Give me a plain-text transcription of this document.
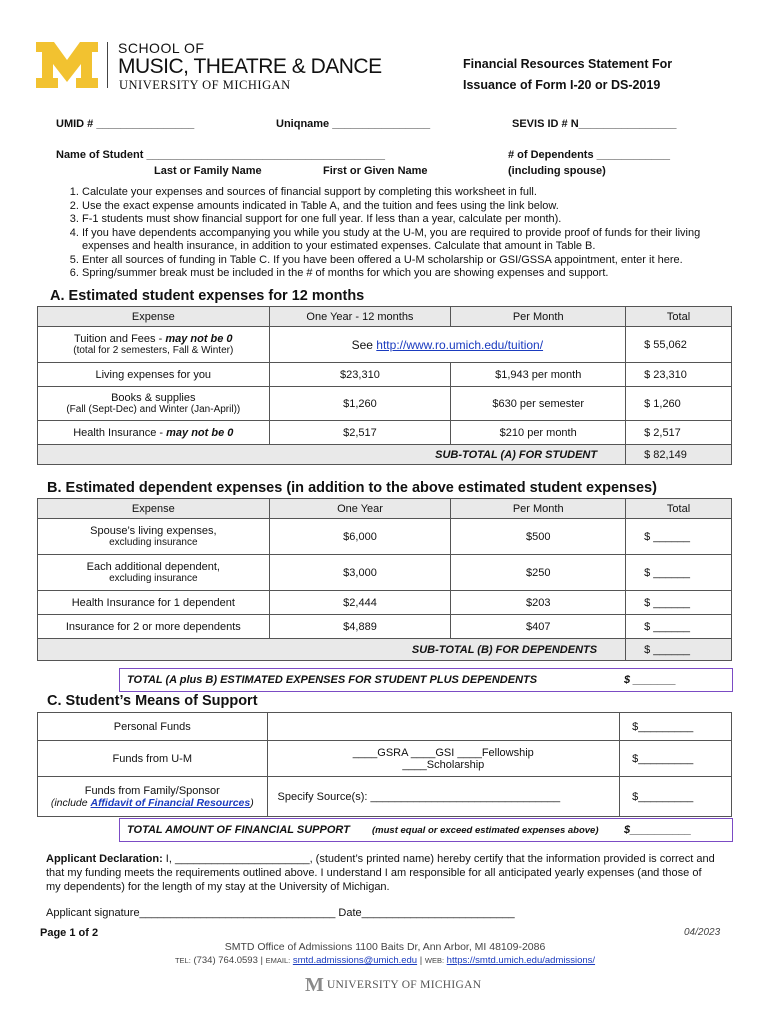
SCHOOL OF
MUSIC, THEATRE & DANCE
UNIVERSITY OF MICHIGAN
Financial Resources Statement For
Issuance of Form I-20 or DS-2019
UMID # ________________	Uniqname ________________	SEVIS ID # N________________
Name of Student _______________________________________
Last or Family Name	First or Given Name
# of Dependents ____________
(including spouse)
1. Calculate your expenses and sources of financial support by completing this worksheet in full.
2. Use the exact expense amounts indicated in Table A, and the tuition and fees using the link below.
3. F-1 students must show financial support for one full year. If less than a year, calculate per month).
4. If you have dependents accompanying you while you study at the U-M, you are required to provide proof of funds for their living expenses and health insurance, in addition to your estimated expenses. Calculate that amount in Table B.
5. Enter all sources of funding in Table C. If you have been offered a U-M scholarship or GSI/GSSA appointment, enter it here.
6. Spring/summer break must be included in the # of months for which you are showing expenses and support.
A. Estimated student expenses for 12 months
Expense	One Year - 12 months	Per Month	Total

Tuition and Fees - may not be 0
(total for 2 semesters, Fall & Winter)	See http://www.ro.umich.edu/tuition/		$ 55,062
Living expenses for you	$23,310	$1,943 per month	$ 23,310

Books & supplies
(Fall (Sept-Dec) and Winter (Jan-April))	$1,260	$630 per semester	$ 1,260
Health Insurance - may not be 0	$2,517	$210 per month	$ 2,517
SUB-TOTAL (A) FOR STUDENT			$ 82,149
B. Estimated dependent expenses (in addition to the above estimated student expenses)
Expense	One Year	Per Month	Total

Spouse’s living expenses,
excluding insurance	$6,000	$500	$ ______

Each additional dependent,
excluding insurance	$3,000	$250	$ ______
Health Insurance for 1 dependent	$2,444	$203	$ ______
Insurance for 2 or more dependents	$4,889	$407	$ ______
SUB-TOTAL (B) FOR DEPENDENTS			$ ______
TOTAL (A plus B) ESTIMATED EXPENSES FOR STUDENT PLUS DEPENDENTS	$ _______
C. Student’s Means of Support
Personal Funds		$_________
Funds from U-M	____GSRA ____GSI ____Fellowship
____Scholarship	$_________

Funds from Family/Sponsor
(include Affidavit of Financial Resources)	Specify Source(s): _______________________________	$_________
TOTAL AMOUNT OF FINANCIAL SUPPORT (must equal or exceed estimated expenses above) $__________
Applicant Declaration: I, ______________________, (student’s printed name) hereby certify that the information provided is correct and that my funding meets the requirements outlined above. I understand I am responsible for all anticipated yearly expenses (and those of my dependents) for the length of my stay at the University of Michigan.
Applicant signature________________________________ Date_________________________
Page 1 of 2	04/2023
SMTD Office of Admissions 1100 Baits Dr, Ann Arbor, MI 48109-2086
TEL: (734) 764.0593 | EMAIL: smtd.admissions@umich.edu | WEB: https://smtd.umich.edu/admissions/
M UNIVERSITY OF MICHIGAN
